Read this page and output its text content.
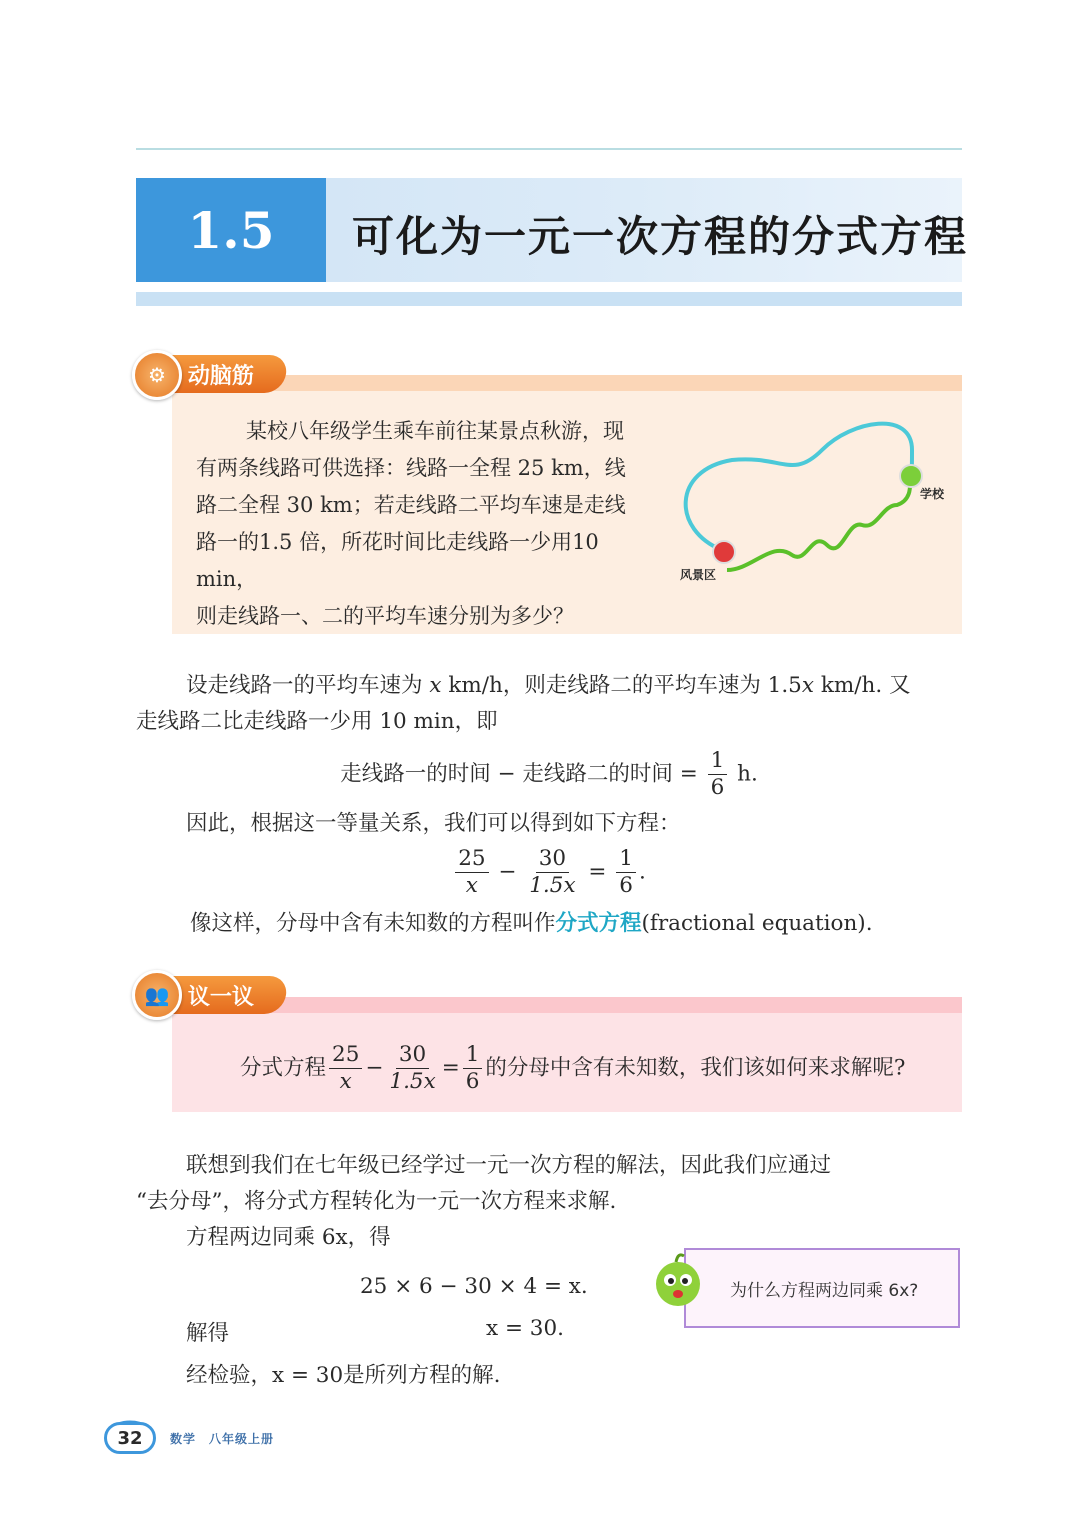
1.5	可化为一元一次方程的分式方程
动脑筋
⚙

某校八年级学生乘车前往某景点秋游，现

有两条线路可供选择：线路一全程 25 km，线

路二全程 30 km；若走线路二平均车速是走线

路一的1.5 倍，所花时间比走线路一少用10 min，

则走线路一、二的平均车速分别为多少？

学校
风景区

设走线路一的平均车速为 x km/h，则走线路二的平均车速为 1.5x km/h. 又

走线路二比走线路一少用 10 min，即

走线路一的时间 − 走线路二的时间 = $\frac{1}{6} h$.

因此，根据这一等量关系，我们可以得到如下方程：

$\frac{25}{x} - \frac{30}{1.5x} = \frac{1}{6}$ .

像这样，分母中含有未知数的方程叫作分式方程(fractional equation).

议一议
👥
分式方程 $\frac{25}{x} - \frac{30}{1.5x} = \frac{1}{6}$ 的分母中含有未知数，我们该如何来求解呢?

联想到我们在七年级已经学过一元一次方程的解法，因此我们应通过

“去分母”，将分式方程转化为一元一次方程来求解.

方程两边同乘 6x，得

25 × 6 − 30 × 4 = x.
解得	x = 30.
经检验，x = 30是所列方程的解.
为什么方程两边同乘 6x?
32	数学　八年级上册
